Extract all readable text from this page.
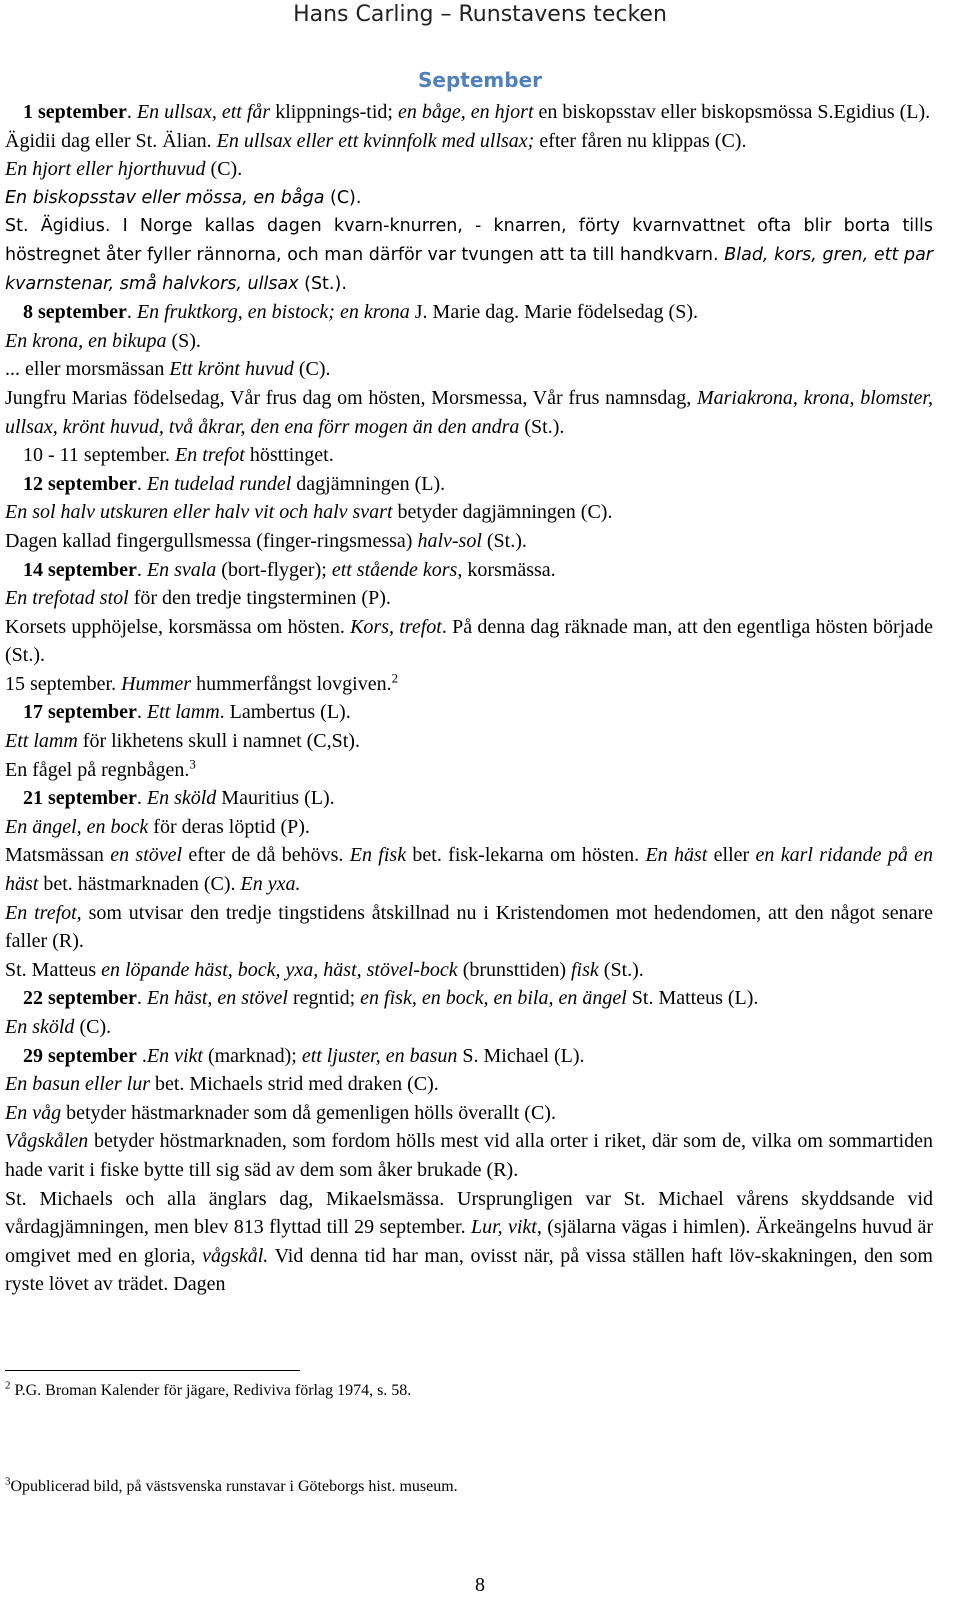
Hans Carling – Runstavens tecken
September

1 september. En ullsax, ett får klippnings-tid; en båge, en hjort en biskopsstav eller biskopsmössa S.Egidius (L).

Ägidii dag eller St. Älian. En ullsax eller ett kvinnfolk med ullsax; efter fåren nu klippas (C).

En hjort eller hjorthuvud (C).

En biskopsstav eller mössa, en båga (C).

St. Ägidius. I Norge kallas dagen kvarn-knurren, - knarren, förty kvarnvattnet ofta blir borta tills höstregnet åter fyller rännorna, och man därför var tvungen att ta till handkvarn. Blad, kors, gren, ett par kvarnstenar, små halvkors, ullsax (St.).

8 september. En fruktkorg, en bistock; en krona J. Marie dag. Marie födelsedag (S).

En krona, en bikupa (S).

... eller morsmässan Ett krönt huvud (C).

Jungfru Marias födelsedag, Vår frus dag om hösten, Morsmessa, Vår frus namnsdag, Mariakrona, krona, blomster, ullsax, krönt huvud, två åkrar, den ena förr mogen än den andra (St.).

10 - 11 september. En trefot hösttinget.

12 september. En tudelad rundel dagjämningen (L).

En sol halv utskuren eller halv vit och halv svart betyder dagjämningen (C).

Dagen kallad fingergullsmessa (finger-ringsmessa) halv-sol (St.).

14 september. En svala (bort-flyger); ett stående kors, korsmässa.

En trefotad stol för den tredje tingsterminen (P).

Korsets upphöjelse, korsmässa om hösten. Kors, trefot. På denna dag räknade man, att den egentliga hösten började (St.).

15 september. Hummer hummerfångst lovgiven.$^2$

17 september. Ett lamm. Lambertus (L).

Ett lamm för likhetens skull i namnet (C,St).

En fågel på regnbågen.$^3$

21 september. En sköld Mauritius (L).

En ängel, en bock för deras löptid (P).

Matsmässan en stövel efter de då behövs. En fisk bet. fisk-lekarna om hösten. En häst eller en karl ridande på en häst bet. hästmarknaden (C). En yxa.

En trefot, som utvisar den tredje tingstidens åtskillnad nu i Kristendomen mot hedendomen, att den något senare faller (R).

St. Matteus en löpande häst, bock, yxa, häst, stövel-bock (brunsttiden) fisk (St.).

22 september. En häst, en stövel regntid; en fisk, en bock, en bila, en ängel St. Matteus (L).

En sköld (C).

29 september .En vikt (marknad); ett ljuster, en basun S. Michael (L).

En basun eller lur bet. Michaels strid med draken (C).

En våg betyder hästmarknader som då gemenligen hölls överallt (C).

Vågskålen betyder höstmarknaden, som fordom hölls mest vid alla orter i riket, där som de, vilka om sommartiden hade varit i fiske bytte till sig säd av dem som åker brukade (R).

St. Michaels och alla änglars dag, Mikaelsmässa. Ursprungligen var St. Michael vårens skyddsande vid vårdagjämningen, men blev 813 flyttad till 29 september. Lur, vikt, (själarna vägas i himlen). Ärkeängelns huvud är omgivet med en gloria, vågskål. Vid denna tid har man, ovisst när, på vissa ställen haft löv-skakningen, den som ryste lövet av trädet. Dagen

$^2$ P.G. Broman Kalender för jägare, Rediviva förlag 1974, s. 58.
$^3$Opublicerad bild, på västsvenska runstavar i Göteborgs hist. museum.
8
